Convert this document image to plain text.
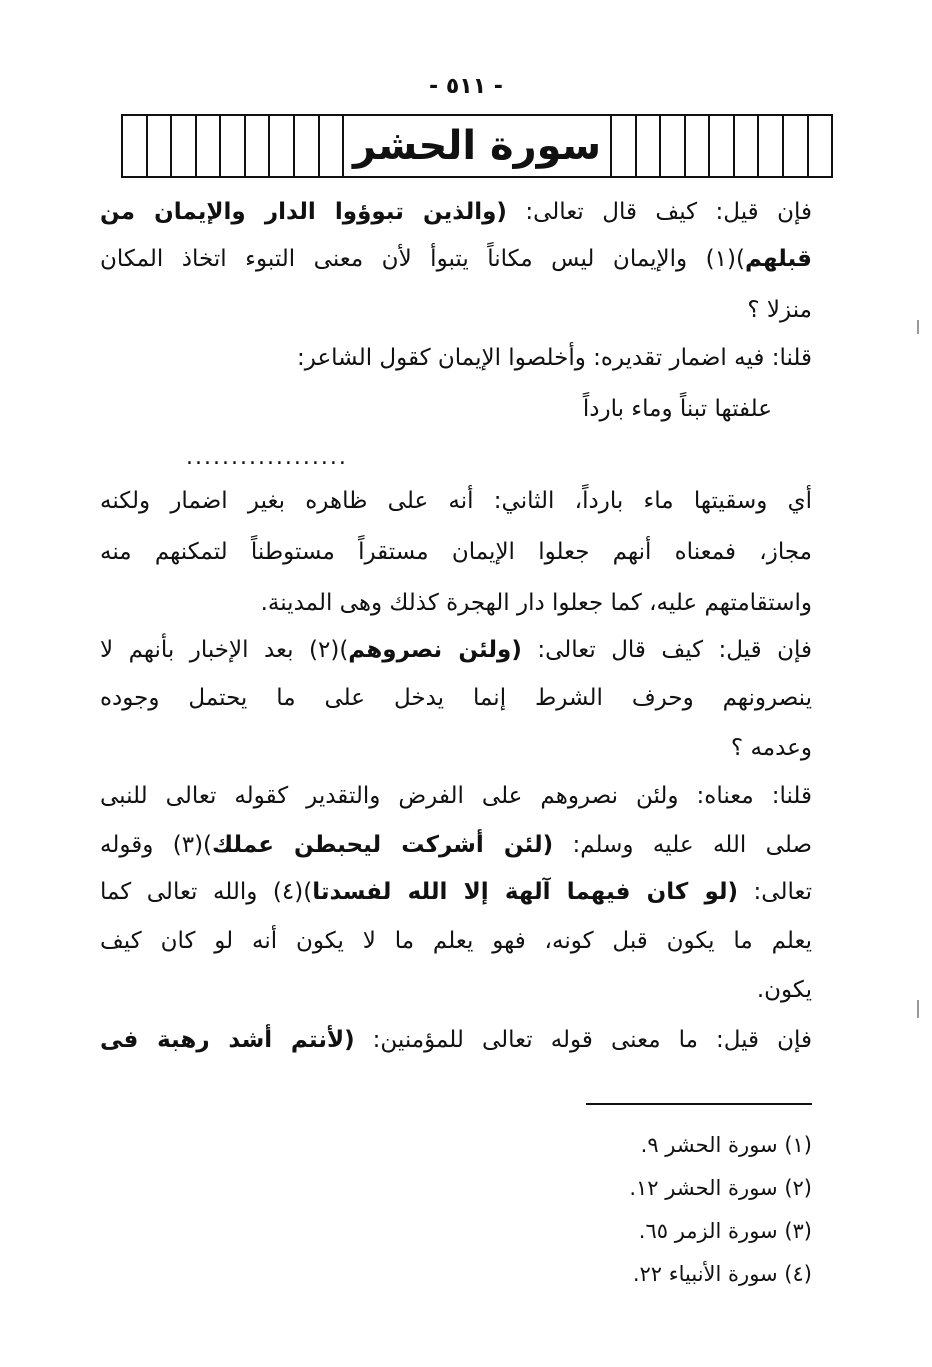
- ٥١١ -
سورة الحشر
فإن قيل: كيف قال تعالى: (والذين تبوؤوا الدار والإيمان من
قبلهم)(١) والإيمان ليس مكاناً يتبوأ لأن معنى التبوء اتخاذ المكان
منزلا ؟
قلنا: فيه اضمار تقديره: وأخلصوا الإيمان كقول الشاعر:
أي وسقيتها ماء بارداً، الثاني: أنه على ظاهره بغير اضمار ولكنه
مجاز، فمعناه أنهم جعلوا الإيمان مستقراً مستوطناً لتمكنهم منه
واستقامتهم عليه، كما جعلوا دار الهجرة كذلك وهى المدينة.
فإن قيل: كيف قال تعالى: (ولئن نصروهم)(٢) بعد الإخبار بأنهم لا
ينصرونهم وحرف الشرط إنما يدخل على ما يحتمل وجوده
وعدمه ؟
قلنا: معناه: ولئن نصروهم على الفرض والتقدير كقوله تعالى للنبى
صلى الله عليه وسلم: (لئن أشركت ليحبطن عملك)(٣) وقوله
تعالى: (لو كان فيهما آلهة إلا الله لفسدتا)(٤) والله تعالى كما
يعلم ما يكون قبل كونه، فهو يعلم ما لا يكون أنه لو كان كيف
يكون.
فإن قيل: ما معنى قوله تعالى للمؤمنين: (لأنتم أشد رهبة فى
علفتها تبناً وماء بارداً
..................
(١) سورة الحشر ٩.
(٢) سورة الحشر ١٢.
(٣) سورة الزمر ٦٥.
(٤) سورة الأنبياء ٢٢.
